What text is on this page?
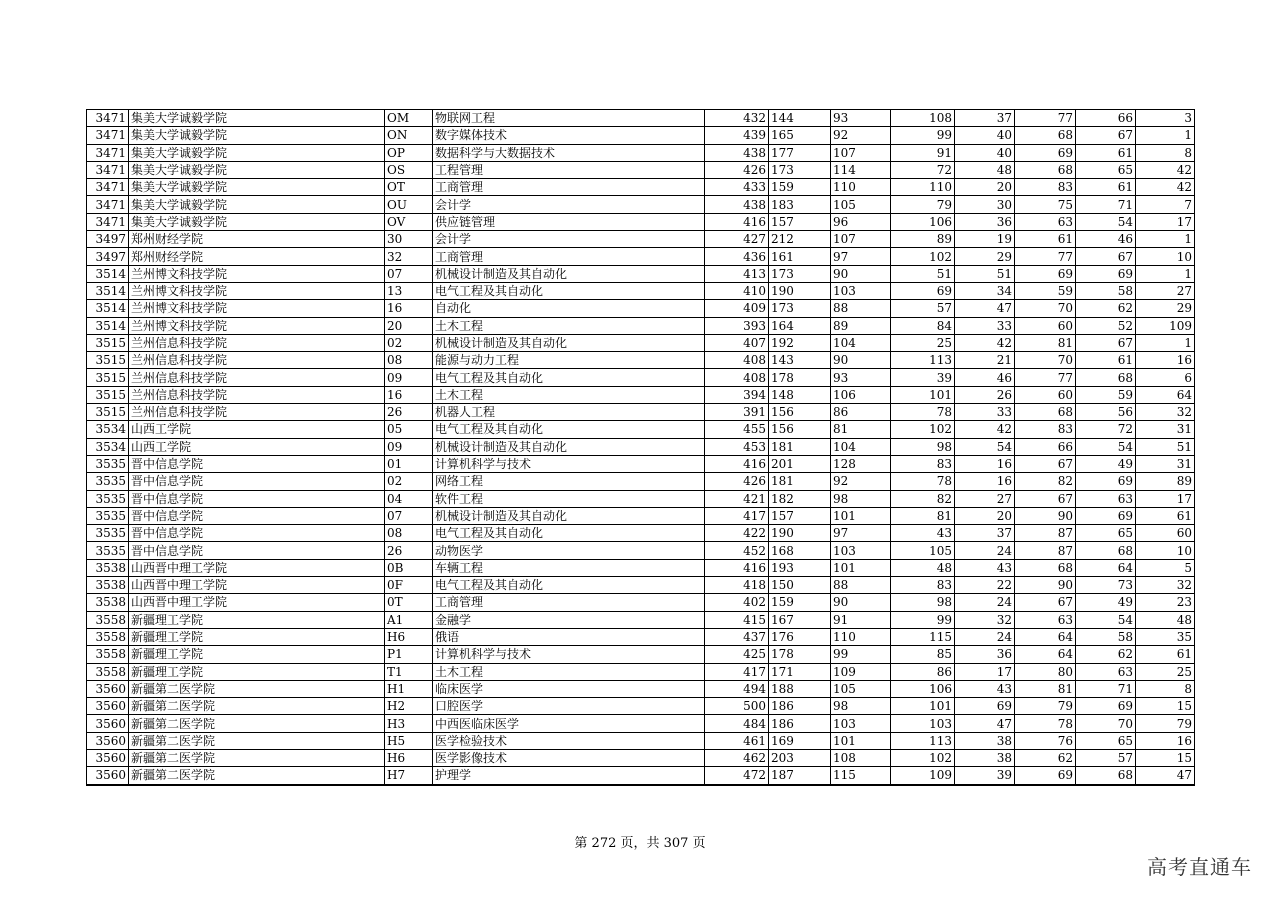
3471	集美大学诚毅学院	OM	物联网工程	432	144	93	108	37	77	66	3
3471	集美大学诚毅学院	ON	数字媒体技术	439	165	92	99	40	68	67	1
3471	集美大学诚毅学院	OP	数据科学与大数据技术	438	177	107	91	40	69	61	8
3471	集美大学诚毅学院	OS	工程管理	426	173	114	72	48	68	65	42
3471	集美大学诚毅学院	OT	工商管理	433	159	110	110	20	83	61	42
3471	集美大学诚毅学院	OU	会计学	438	183	105	79	30	75	71	7
3471	集美大学诚毅学院	OV	供应链管理	416	157	96	106	36	63	54	17
3497	郑州财经学院	30	会计学	427	212	107	89	19	61	46	1
3497	郑州财经学院	32	工商管理	436	161	97	102	29	77	67	10
3514	兰州博文科技学院	07	机械设计制造及其自动化	413	173	90	51	51	69	69	1
3514	兰州博文科技学院	13	电气工程及其自动化	410	190	103	69	34	59	58	27
3514	兰州博文科技学院	16	自动化	409	173	88	57	47	70	62	29
3514	兰州博文科技学院	20	土木工程	393	164	89	84	33	60	52	109
3515	兰州信息科技学院	02	机械设计制造及其自动化	407	192	104	25	42	81	67	1
3515	兰州信息科技学院	08	能源与动力工程	408	143	90	113	21	70	61	16
3515	兰州信息科技学院	09	电气工程及其自动化	408	178	93	39	46	77	68	6
3515	兰州信息科技学院	16	土木工程	394	148	106	101	26	60	59	64
3515	兰州信息科技学院	26	机器人工程	391	156	86	78	33	68	56	32
3534	山西工学院	05	电气工程及其自动化	455	156	81	102	42	83	72	31
3534	山西工学院	09	机械设计制造及其自动化	453	181	104	98	54	66	54	51
3535	晋中信息学院	01	计算机科学与技术	416	201	128	83	16	67	49	31
3535	晋中信息学院	02	网络工程	426	181	92	78	16	82	69	89
3535	晋中信息学院	04	软件工程	421	182	98	82	27	67	63	17
3535	晋中信息学院	07	机械设计制造及其自动化	417	157	101	81	20	90	69	61
3535	晋中信息学院	08	电气工程及其自动化	422	190	97	43	37	87	65	60
3535	晋中信息学院	26	动物医学	452	168	103	105	24	87	68	10
3538	山西晋中理工学院	0B	车辆工程	416	193	101	48	43	68	64	5
3538	山西晋中理工学院	0F	电气工程及其自动化	418	150	88	83	22	90	73	32
3538	山西晋中理工学院	0T	工商管理	402	159	90	98	24	67	49	23
3558	新疆理工学院	A1	金融学	415	167	91	99	32	63	54	48
3558	新疆理工学院	H6	俄语	437	176	110	115	24	64	58	35
3558	新疆理工学院	P1	计算机科学与技术	425	178	99	85	36	64	62	61
3558	新疆理工学院	T1	土木工程	417	171	109	86	17	80	63	25
3560	新疆第二医学院	H1	临床医学	494	188	105	106	43	81	71	8
3560	新疆第二医学院	H2	口腔医学	500	186	98	101	69	79	69	15
3560	新疆第二医学院	H3	中西医临床医学	484	186	103	103	47	78	70	79
3560	新疆第二医学院	H5	医学检验技术	461	169	101	113	38	76	65	16
3560	新疆第二医学院	H6	医学影像技术	462	203	108	102	38	62	57	15
3560	新疆第二医学院	H7	护理学	472	187	115	109	39	69	68	47
第 272 页，共 307 页
高考直通车
